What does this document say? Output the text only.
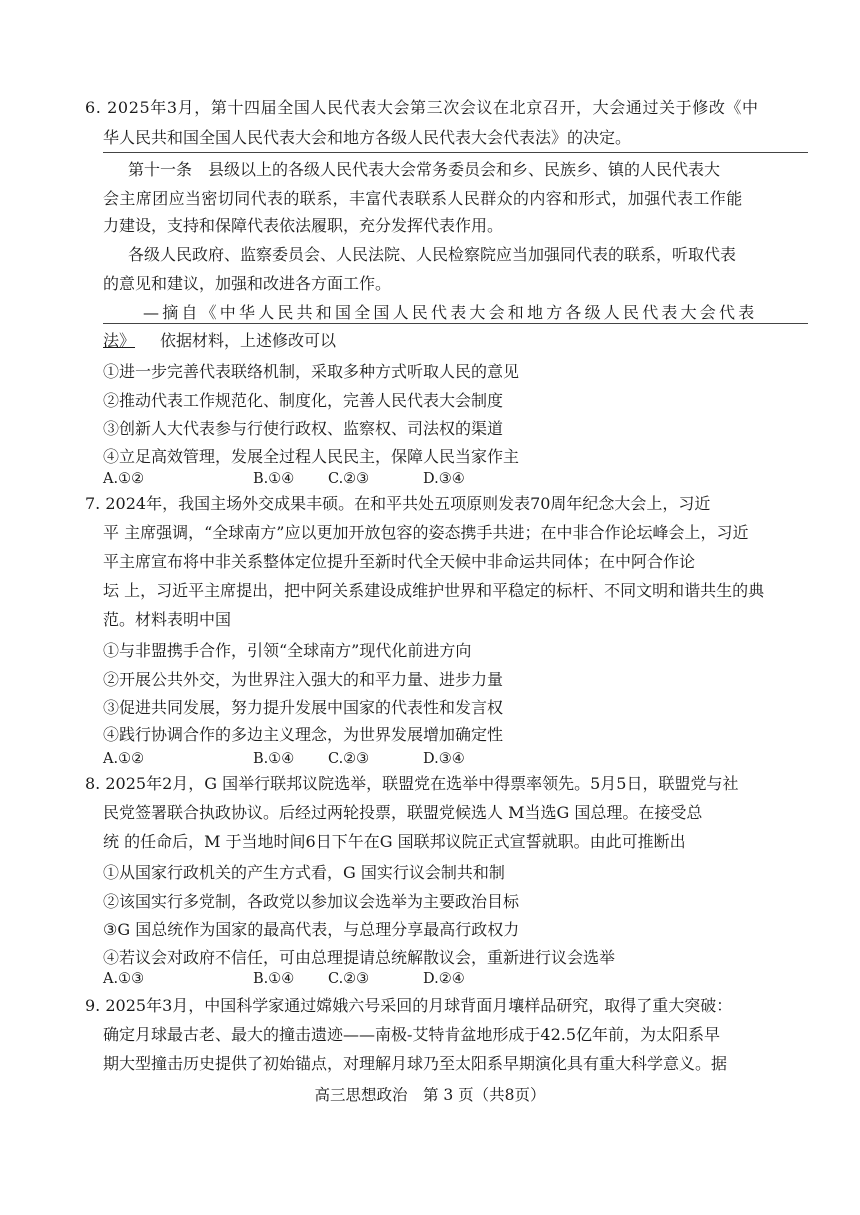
6. 2025年3月，第十四届全国人民代表大会第三次会议在北京召开，大会通过关于修改《中
华人民共和国全国人民代表大会和地方各级人民代表大会代表法》的决定。
第十一条　县级以上的各级人民代表大会常务委员会和乡、民族乡、镇的人民代表大
会主席团应当密切同代表的联系，丰富代表联系人民群众的内容和形式，加强代表工作能
力建设，支持和保障代表依法履职，充分发挥代表作用。
各级人民政府、监察委员会、人民法院、人民检察院应当加强同代表的联系，听取代表
的意见和建议，加强和改进各方面工作。
—摘自《中华人民共和国全国人民代表大会和地方各级人民代表大会代表
法》 依据材料，上述修改可以
①进一步完善代表联络机制，采取多种方式听取人民的意见
②推动代表工作规范化、制度化，完善人民代表大会制度
③创新人大代表参与行使行政权、监察权、司法权的渠道
④立足高效管理，发展全过程人民民主，保障人民当家作主
A.①②	B.①④ C.②③	D.③④
7. 2024年，我国主场外交成果丰硕。在和平共处五项原则发表70周年纪念大会上，习近
平 主席强调，“全球南方”应以更加开放包容的姿态携手共进；在中非合作论坛峰会上，习近
平主席宣布将中非关系整体定位提升至新时代全天候中非命运共同体；在中阿合作论
坛 上，习近平主席提出，把中阿关系建设成维护世界和平稳定的标杆、不同文明和谐共生的典
范。材料表明中国
①与非盟携手合作，引领“全球南方”现代化前进方向
②开展公共外交，为世界注入强大的和平力量、进步力量
③促进共同发展，努力提升发展中国家的代表性和发言权
④践行协调合作的多边主义理念，为世界发展增加确定性
A.①②	B.①④ C.②③	D.③④
8. 2025年2月，G 国举行联邦议院选举，联盟党在选举中得票率领先。5月5日，联盟党与社
民党签署联合执政协议。后经过两轮投票，联盟党候选人 M当选G 国总理。在接受总
统 的任命后，M 于当地时间6日下午在G 国联邦议院正式宣誓就职。由此可推断出
①从国家行政机关的产生方式看，G 国实行议会制共和制
②该国实行多党制，各政党以参加议会选举为主要政治目标
③G 国总统作为国家的最高代表，与总理分享最高行政权力
④若议会对政府不信任，可由总理提请总统解散议会，重新进行议会选举
A.①③	B.①④ C.②③	D.②④
9. 2025年3月，中国科学家通过嫦娥六号采回的月球背面月壤样品研究，取得了重大突破：
确定月球最古老、最大的撞击遗迹——南极-艾特肯盆地形成于42.5亿年前，为太阳系早
期大型撞击历史提供了初始锚点，对理解月球乃至太阳系早期演化具有重大科学意义。据
高三思想政治　第 3 页（共8页）
